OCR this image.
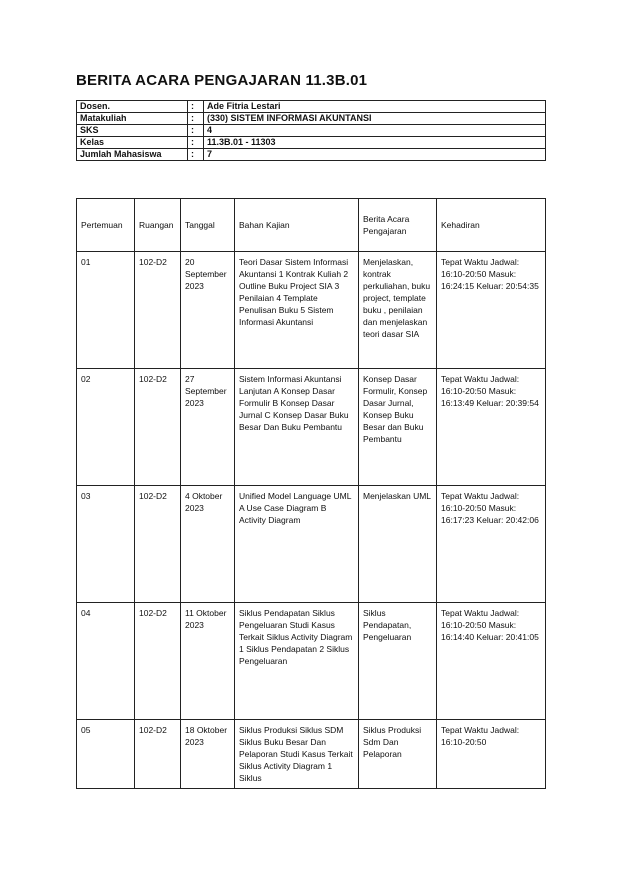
BERITA ACARA PENGAJARAN 11.3B.01
Dosen.	:	Ade Fitria Lestari
Matakuliah	:	(330) SISTEM INFORMASI AKUNTANSI
SKS	:	4
Kelas	:	11.3B.01 - 11303
Jumlah Mahasiswa	:	7
Pertemuan	Ruangan	Tanggal	Bahan Kajian	Berita Acara Pengajaran	Kehadiran
01	102-D2	20 September 2023	Teori Dasar Sistem Informasi Akuntansi 1 Kontrak Kuliah 2 Outline Buku Project SIA 3 Penilaian 4 Template Penulisan Buku 5 Sistem Informasi Akuntansi	Menjelaskan, kontrak perkuliahan, buku project, template buku , penilaian dan menjelaskan teori dasar SIA	Tepat Waktu Jadwal: 16:10-20:50 Masuk: 16:24:15 Keluar: 20:54:35
02	102-D2	27 September 2023	Sistem Informasi Akuntansi Lanjutan A Konsep Dasar Formulir B Konsep Dasar Jurnal C Konsep Dasar Buku Besar Dan Buku Pembantu	Konsep Dasar Formulir, Konsep Dasar Jurnal, Konsep Buku Besar dan Buku Pembantu	Tepat Waktu Jadwal: 16:10-20:50 Masuk: 16:13:49 Keluar: 20:39:54
03	102-D2	4 Oktober 2023	Unified Model Language UML A Use Case Diagram B Activity Diagram	Menjelaskan UML	Tepat Waktu Jadwal: 16:10-20:50 Masuk: 16:17:23 Keluar: 20:42:06
04	102-D2	11 Oktober 2023	Siklus Pendapatan Siklus Pengeluaran Studi Kasus Terkait Siklus Activity Diagram 1 Siklus Pendapatan 2 Siklus Pengeluaran	Siklus Pendapatan, Pengeluaran	Tepat Waktu Jadwal: 16:10-20:50 Masuk: 16:14:40 Keluar: 20:41:05
05	102-D2	18 Oktober 2023	Siklus Produksi Siklus SDM Siklus Buku Besar Dan Pelaporan Studi Kasus Terkait Siklus Activity Diagram 1 Siklus	Siklus Produksi Sdm Dan Pelaporan	Tepat Waktu Jadwal: 16:10-20:50
